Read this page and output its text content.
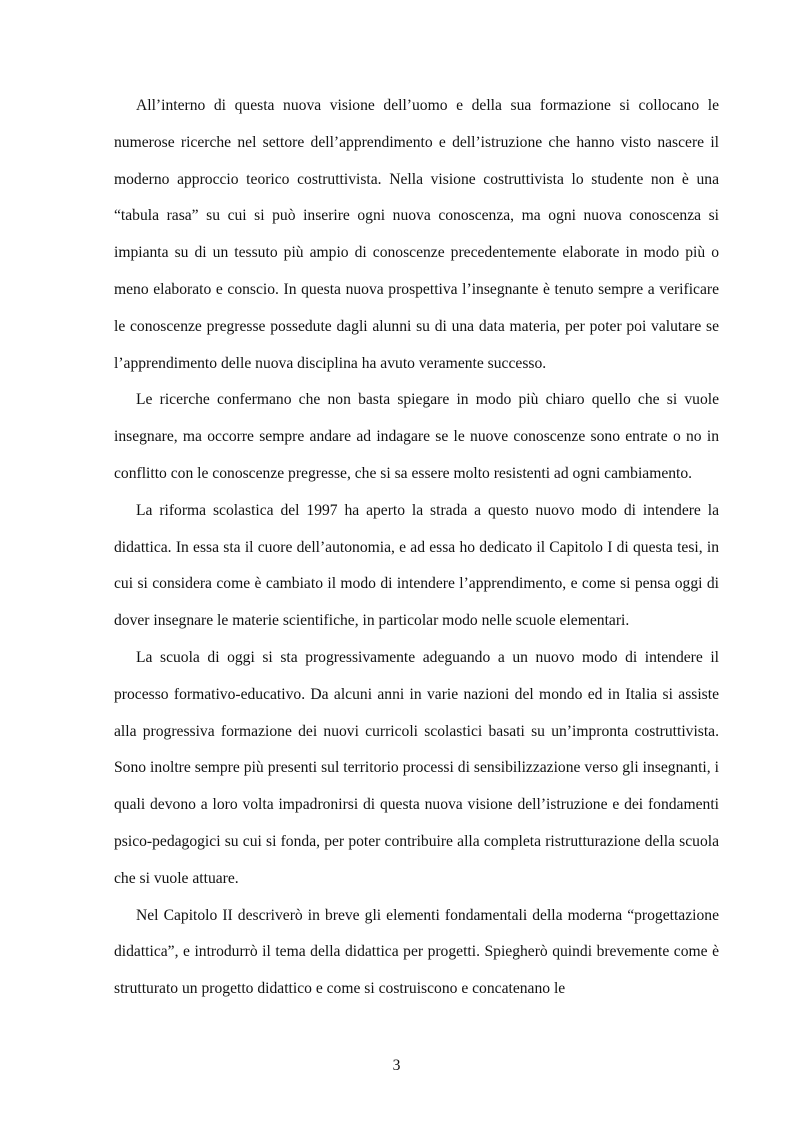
All’interno di questa nuova visione dell’uomo e della sua formazione si collocano le numerose ricerche nel settore dell’apprendimento e dell’istruzione che hanno visto nascere il moderno approccio teorico costruttivista. Nella visione costruttivista lo studente non è una “tabula rasa” su cui si può inserire ogni nuova conoscenza, ma ogni nuova conoscenza si impianta su di un tessuto più ampio di conoscenze precedentemente elaborate in modo più o meno elaborato e conscio. In questa nuova prospettiva l’insegnante è tenuto sempre a verificare le conoscenze pregresse possedute dagli alunni su di una data materia, per poter poi valutare se l’apprendimento delle nuova disciplina ha avuto veramente successo.

Le ricerche confermano che non basta spiegare in modo più chiaro quello che si vuole insegnare, ma occorre sempre andare ad indagare se le nuove conoscenze sono entrate o no in conflitto con le conoscenze pregresse, che si sa essere molto resistenti ad ogni cambiamento.

La riforma scolastica del 1997 ha aperto la strada a questo nuovo modo di intendere la didattica. In essa sta il cuore dell’autonomia, e ad essa ho dedicato il Capitolo I di questa tesi, in cui si considera come è cambiato il modo di intendere l’apprendimento, e come si pensa oggi di dover insegnare le materie scientifiche, in particolar modo nelle scuole elementari.

La scuola di oggi si sta progressivamente adeguando a un nuovo modo di intendere il processo formativo-educativo. Da alcuni anni in varie nazioni del mondo ed in Italia si assiste alla progressiva formazione dei nuovi curricoli scolastici basati su un’impronta costruttivista. Sono inoltre sempre più presenti sul territorio processi di sensibilizzazione verso gli insegnanti, i quali devono a loro volta impadronirsi di questa nuova visione dell’istruzione e dei fondamenti psico-pedagogici su cui si fonda, per poter contribuire alla completa ristrutturazione della scuola che si vuole attuare.

Nel Capitolo II descriverò in breve gli elementi fondamentali della moderna “progettazione didattica”, e introdurrò il tema della didattica per progetti. Spiegherò quindi brevemente come è strutturato un progetto didattico e come si costruiscono e concatenano le

3
